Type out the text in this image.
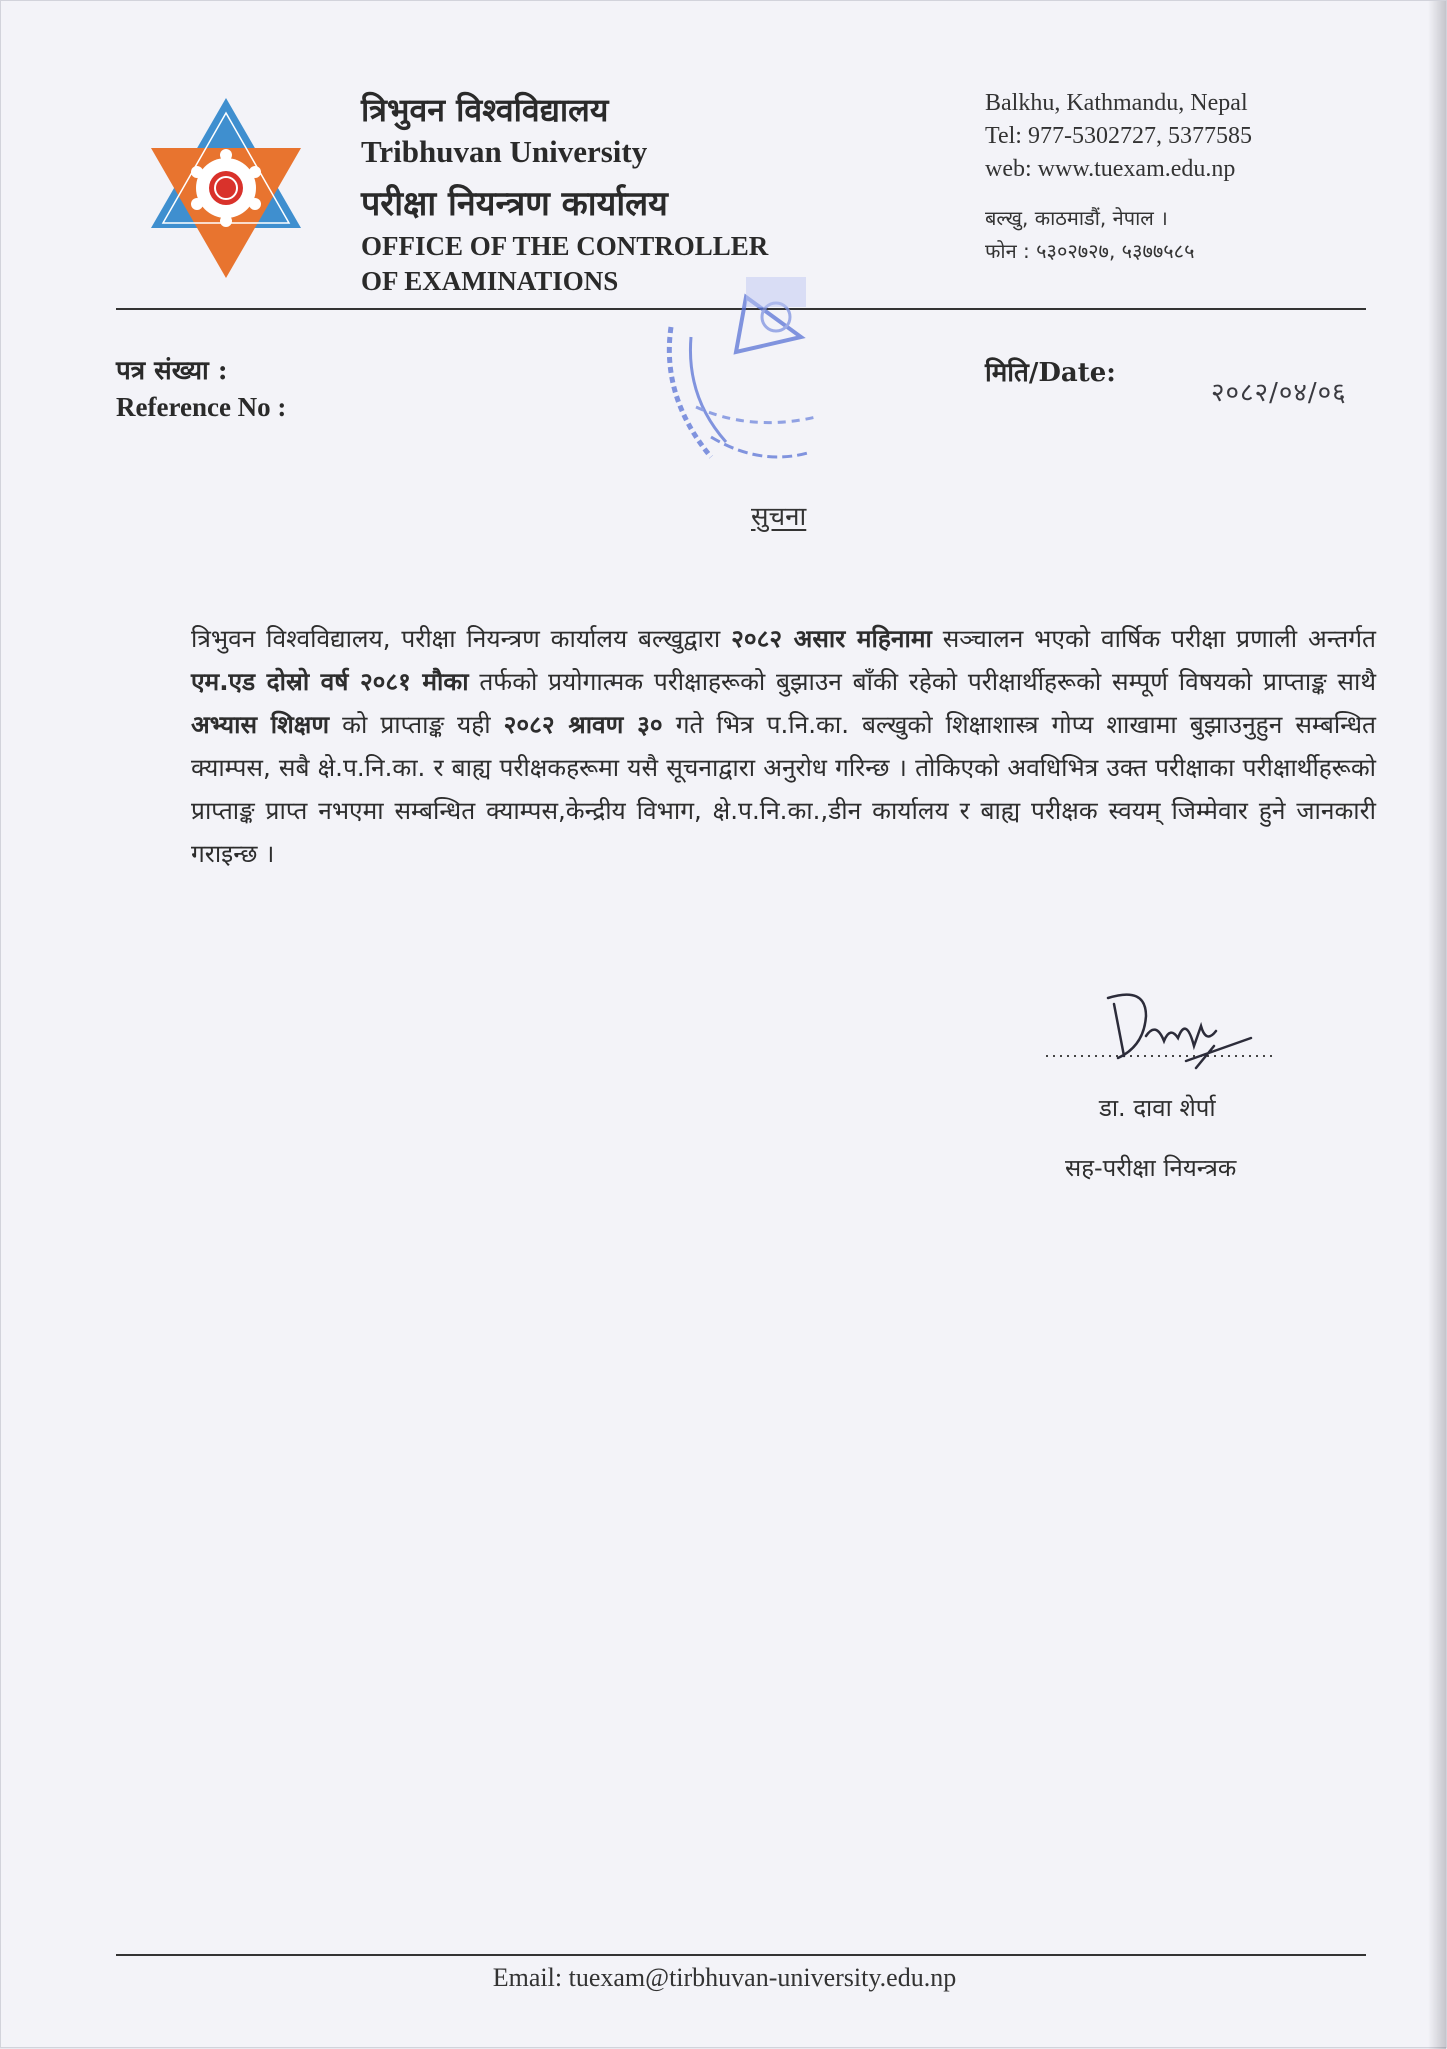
त्रिभुवन विश्वविद्यालय
Tribhuvan University
परीक्षा नियन्त्रण कार्यालय
OFFICE OF THE CONTROLLER
OF EXAMINATIONS
Balkhu, Kathmandu, Nepal
Tel: 977-5302727, 5377585
web: www.tuexam.edu.np
बल्खु, काठमाडौं, नेपाल ।
फोन : ५३०२७२७, ५३७७५८५
पत्र संख्या :
Reference No :
मिति/Date:
२०८२/०४/०६
सुचना
त्रिभुवन विश्वविद्यालय, परीक्षा नियन्त्रण कार्यालय बल्खुद्वारा २०८२ असार महिनामा सञ्चालन भएको वार्षिक परीक्षा प्रणाली अन्तर्गत एम.एड दोस्रो वर्ष २०८१ मौका तर्फको प्रयोगात्मक परीक्षाहरूको बुझाउन बाँकी रहेको परीक्षार्थीहरूको सम्पूर्ण विषयको प्राप्ताङ्क साथै अभ्यास शिक्षण को प्राप्ताङ्क यही २०८२ श्रावण ३० गते भित्र प.नि.का. बल्खुको शिक्षाशास्त्र गोप्य शाखामा बुझाउनुहुन सम्बन्धित क्याम्पस, सबै क्षे.प.नि.का. र बाह्य परीक्षकहरूमा यसै सूचनाद्वारा अनुरोध गरिन्छ । तोकिएको अवधिभित्र उक्त परीक्षाका परीक्षार्थीहरूको प्राप्ताङ्क प्राप्त नभएमा सम्बन्धित क्याम्पस,केन्द्रीय विभाग, क्षे.प.नि.का.,डीन कार्यालय र बाह्य परीक्षक स्वयम् जिम्मेवार हुने जानकारी गराइन्छ ।
डा. दावा शेर्पा
सह-परीक्षा नियन्त्रक
Email: tuexam@tirbhuvan-university.edu.np
